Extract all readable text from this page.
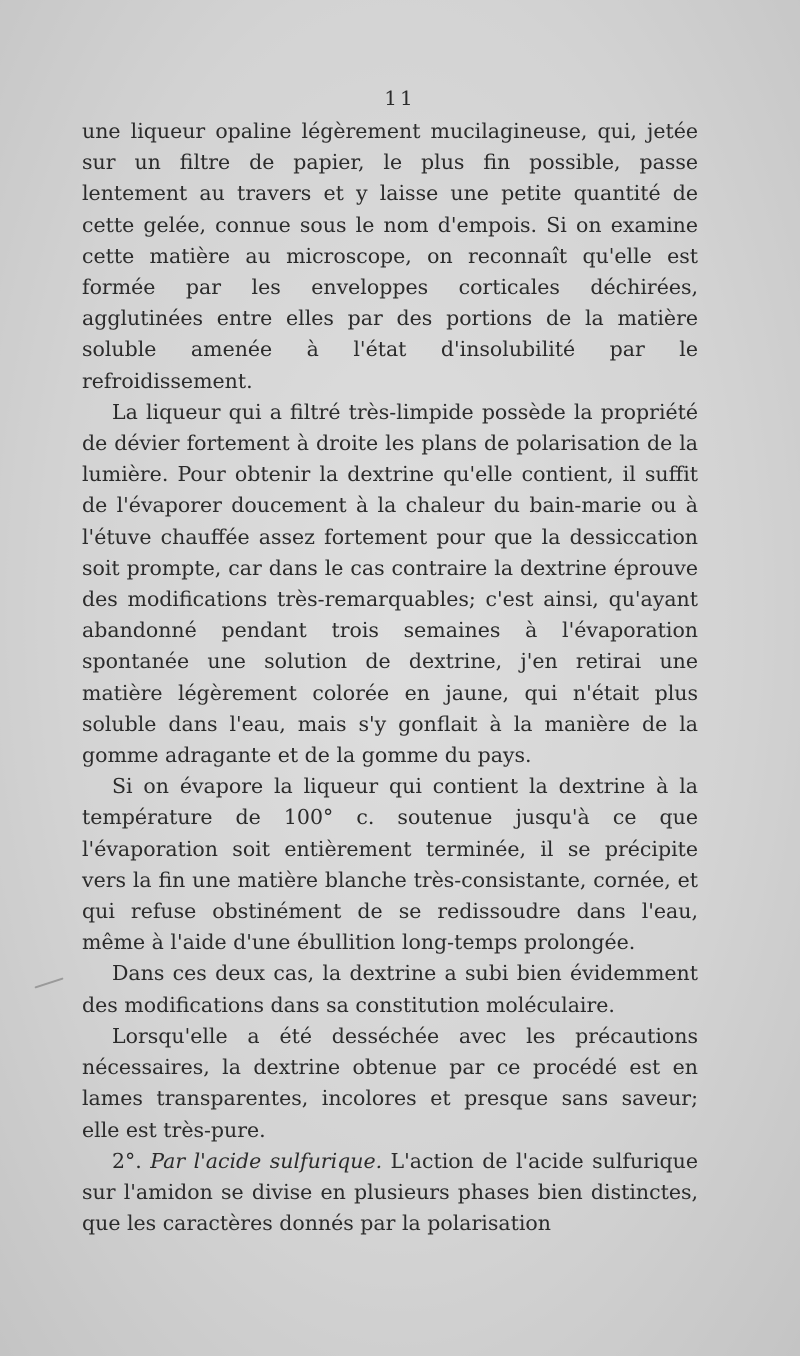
11

une liqueur opaline légèrement mucilagineuse, qui, jetée sur un filtre de papier, le plus fin possible, passe lentement au travers et y laisse une petite quantité de cette gelée, connue sous le nom d'empois. Si on examine cette matière au microscope, on reconnaît qu'elle est formée par les enveloppes corticales déchirées, agglutinées entre elles par des portions de la matière soluble amenée à l'état d'insolubilité par le refroidissement.

La liqueur qui a filtré très-limpide possède la propriété de dévier fortement à droite les plans de polarisation de la lumière. Pour obtenir la dextrine qu'elle contient, il suffit de l'évaporer doucement à la chaleur du bain-marie ou à l'étuve chauffée assez fortement pour que la dessiccation soit prompte, car dans le cas contraire la dextrine éprouve des modifications très-remarquables; c'est ainsi, qu'ayant abandonné pendant trois semaines à l'évaporation spontanée une solution de dextrine, j'en retirai une matière légèrement colorée en jaune, qui n'était plus soluble dans l'eau, mais s'y gonflait à la manière de la gomme adragante et de la gomme du pays.

Si on évapore la liqueur qui contient la dextrine à la température de 100° c. soutenue jusqu'à ce que l'évaporation soit entièrement terminée, il se précipite vers la fin une matière blanche très-consistante, cornée, et qui refuse obstinément de se redissoudre dans l'eau, même à l'aide d'une ébullition long-temps prolongée.

Dans ces deux cas, la dextrine a subi bien évidemment des modifications dans sa constitution moléculaire.

Lorsqu'elle a été desséchée avec les précautions nécessaires, la dextrine obtenue par ce procédé est en lames transparentes, incolores et presque sans saveur; elle est très-pure.

2°. Par l'acide sulfurique. L'action de l'acide sulfurique sur l'amidon se divise en plusieurs phases bien distinctes, que les caractères donnés par la polarisation
